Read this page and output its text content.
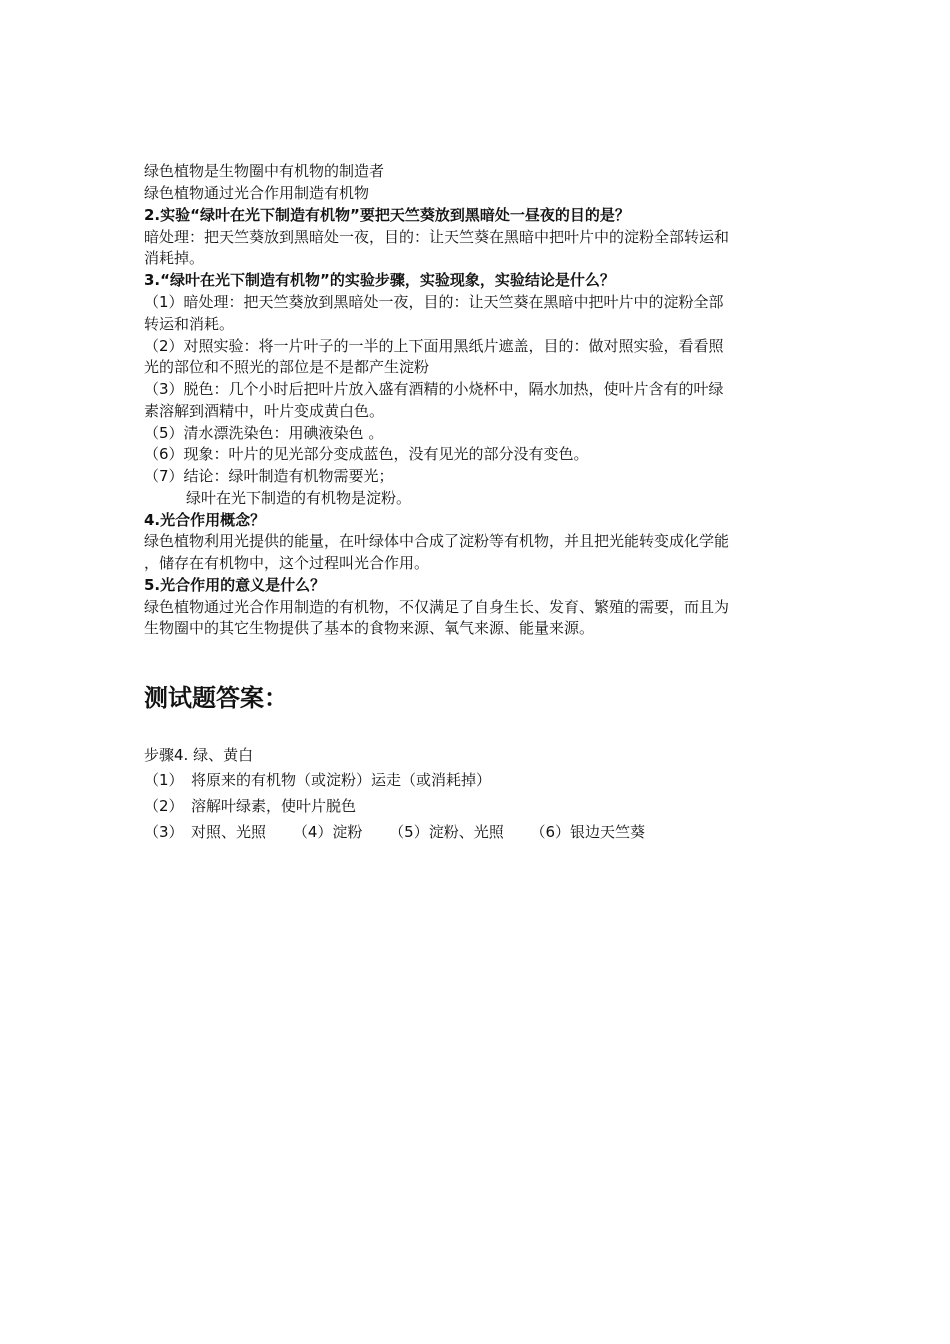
绿色植物是生物圈中有机物的制造者
绿色植物通过光合作用制造有机物
2.实验“绿叶在光下制造有机物”要把天竺葵放到黑暗处一昼夜的目的是？
暗处理：把天竺葵放到黑暗处一夜，目的：让天竺葵在黑暗中把叶片中的淀粉全部转运和
消耗掉。
3.“绿叶在光下制造有机物”的实验步骤，实验现象，实验结论是什么？
（1）暗处理：把天竺葵放到黑暗处一夜，目的：让天竺葵在黑暗中把叶片中的淀粉全部
转运和消耗。
（2）对照实验：将一片叶子的一半的上下面用黑纸片遮盖，目的：做对照实验，看看照
光的部位和不照光的部位是不是都产生淀粉
（3）脱色：几个小时后把叶片放入盛有酒精的小烧杯中，隔水加热，使叶片含有的叶绿
素溶解到酒精中，叶片变成黄白色。
（5）清水漂洗染色：用碘液染色 。
（6）现象：叶片的见光部分变成蓝色，没有见光的部分没有变色。
（7）结论：绿叶制造有机物需要光；
绿叶在光下制造的有机物是淀粉。
4.光合作用概念？
绿色植物利用光提供的能量，在叶绿体中合成了淀粉等有机物，并且把光能转变成化学能
，储存在有机物中，这个过程叫光合作用。
5.光合作用的意义是什么？
绿色植物通过光合作用制造的有机物，不仅满足了自身生长、发育、繁殖的需要，而且为
生物圈中的其它生物提供了基本的食物来源、氧气来源、能量来源。
测试题答案：
步骤4. 绿、黄白
（1）　将原来的有机物（或淀粉）运走（或消耗掉）
（2）　溶解叶绿素，使叶片脱色
（3）　对照、光照 （4）淀粉 （5）淀粉、光照 （6）银边天竺葵
